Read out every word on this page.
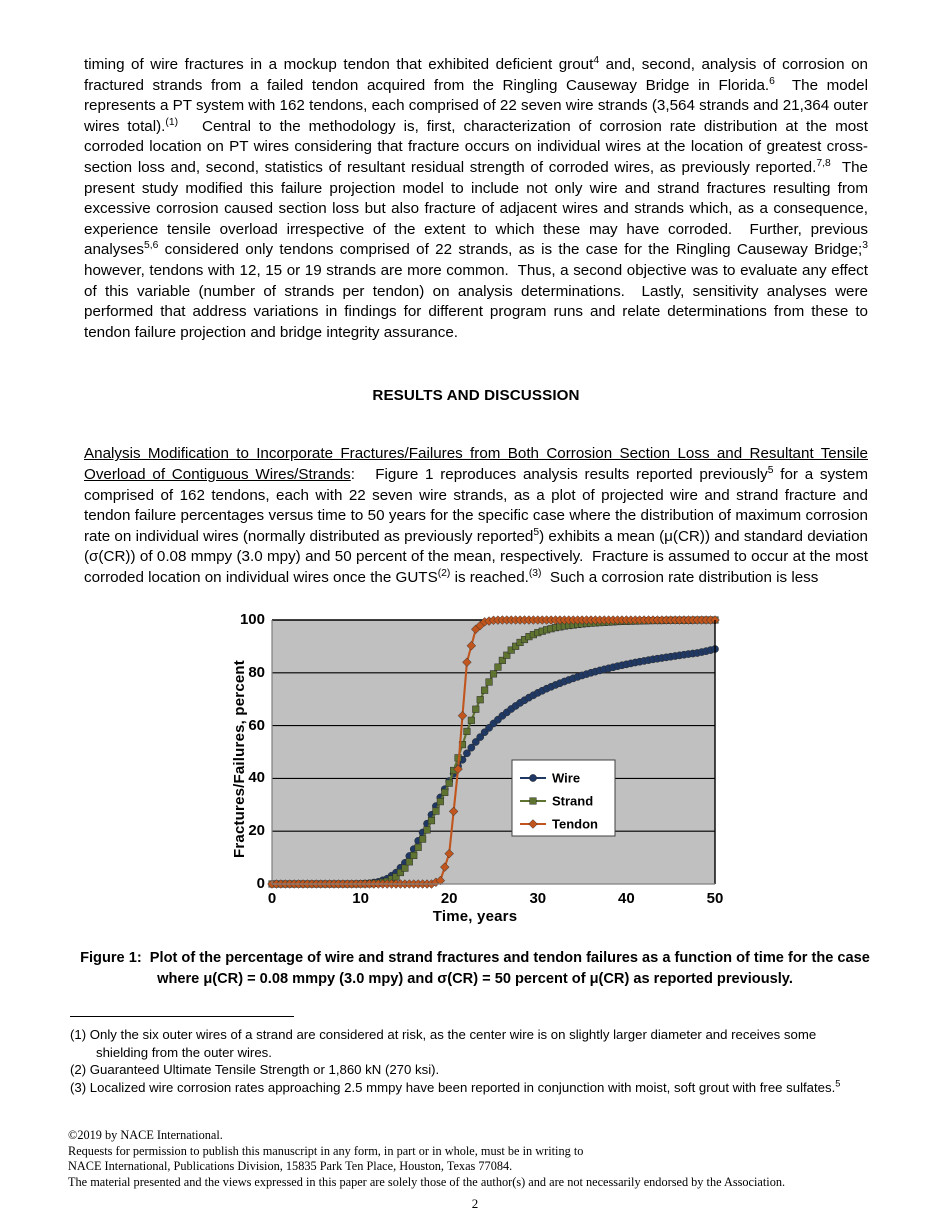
timing of wire fractures in a mockup tendon that exhibited deficient grout$^4$ and, second, analysis of corrosion on fractured strands from a failed tendon acquired from the Ringling Causeway Bridge in Florida.$^6$  The model represents a PT system with 162 tendons, each comprised of 22 seven wire strands (3,564 strands and 21,364 outer wires total).$^{(1)}$   Central to the methodology is, first, characterization of corrosion rate distribution at the most corroded location on PT wires considering that fracture occurs on individual wires at the location of greatest cross-section loss and, second, statistics of resultant residual strength of corroded wires, as previously reported.$^{7,8}$  The present study modified this failure projection model to include not only wire and strand fractures resulting from excessive corrosion caused section loss but also fracture of adjacent wires and strands which, as a consequence, experience tensile overload irrespective of the extent to which these may have corroded.  Further, previous analyses$^{5,6}$ considered only tendons comprised of 22 strands, as is the case for the Ringling Causeway Bridge;$^3$ however, tendons with 12, 15 or 19 strands are more common.  Thus, a second objective was to evaluate any effect of this variable (number of strands per tendon) on analysis determinations.  Lastly, sensitivity analyses were performed that address variations in findings for different program runs and relate determinations from these to tendon failure projection and bridge integrity assurance.

RESULTS AND DISCUSSION

Analysis Modification to Incorporate Fractures/Failures from Both Corrosion Section Loss and Resultant Tensile Overload of Contiguous Wires/Strands:   Figure 1 reproduces analysis results reported previously$^5$ for a system comprised of 162 tendons, each with 22 seven wire strands, as a plot of projected wire and strand fracture and tendon failure percentages versus time to 50 years for the specific case where the distribution of maximum corrosion rate on individual wires (normally distributed as previously reported$^5$) exhibits a mean (μ(CR)) and standard deviation (σ(CR)) of 0.08 mmpy (3.0 mpy) and 50 percent of the mean, respectively.  Fracture is assumed to occur at the most corroded location on individual wires once the GUTS$^{(2)}$ is reached.$^{(3)}$  Such a corrosion rate distribution is less

Fractures/Failures, percent	Wire
Strand
Tendon
0
20
40
60
80
100
0	10	20	30	40	50
Time, years
Figure 1:  Plot of the percentage of wire and strand fractures and tendon failures as a function of time for the case where μ(CR) = 0.08 mmpy (3.0 mpy) and σ(CR) = 50 percent of μ(CR) as reported previously.

(1) Only the six outer wires of a strand are considered at risk, as the center wire is on slightly larger diameter and receives some shielding from the outer wires.

(2) Guaranteed Ultimate Tensile Strength or 1,860 kN (270 ksi).

(3) Localized wire corrosion rates approaching 2.5 mmpy have been reported in conjunction with moist, soft grout with free sulfates.$^5$

©2019 by NACE International.
Requests for permission to publish this manuscript in any form, in part or in whole, must be in writing to
NACE International, Publications Division, 15835 Park Ten Place, Houston, Texas 77084.
The material presented and the views expressed in this paper are solely those of the author(s) and are not necessarily endorsed by the Association.
2
